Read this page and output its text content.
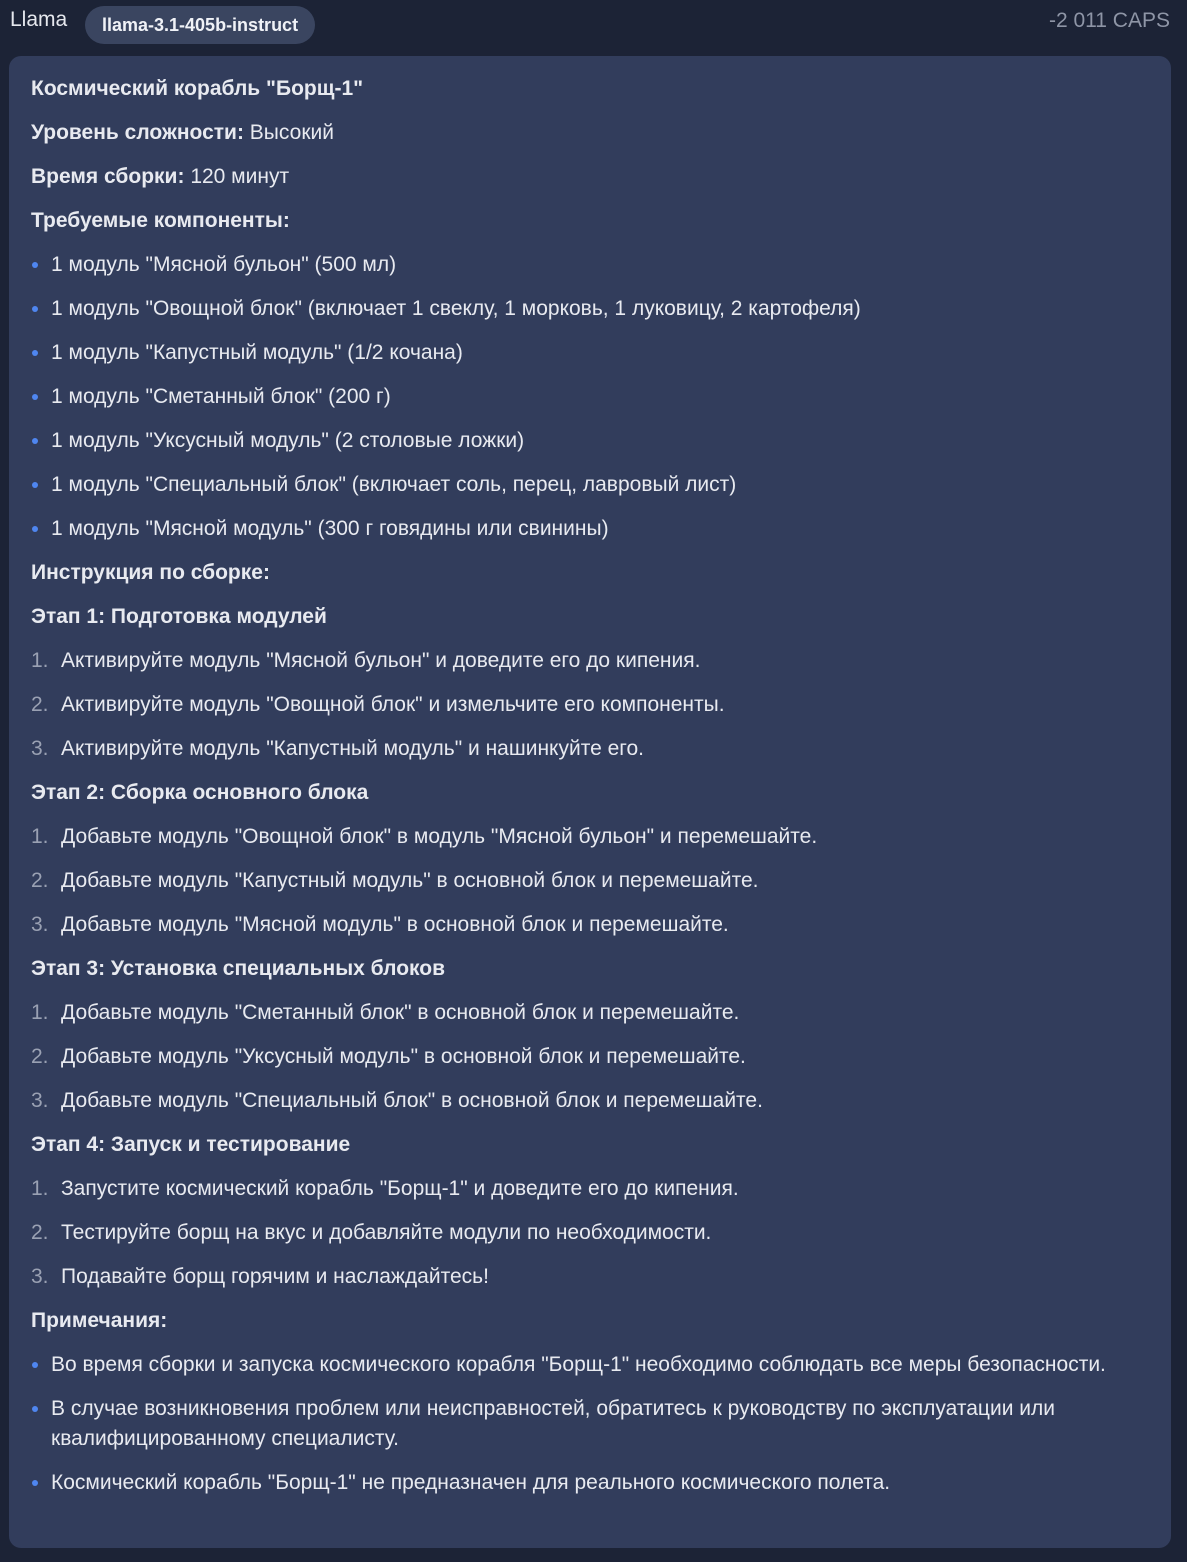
Llama	llama-3.1-405b-instruct	-2 011 CAPS
Космический корабль "Борщ-1"
Уровень сложности: Высокий
Время сборки: 120 минут
Требуемые компоненты:
1 модуль "Мясной бульон" (500 мл)
1 модуль "Овощной блок" (включает 1 свеклу, 1 морковь, 1 луковицу, 2 картофеля)
1 модуль "Капустный модуль" (1/2 кочана)
1 модуль "Сметанный блок" (200 г)
1 модуль "Уксусный модуль" (2 столовые ложки)
1 модуль "Специальный блок" (включает соль, перец, лавровый лист)
1 модуль "Мясной модуль" (300 г говядины или свинины)
Инструкция по сборке:
Этап 1: Подготовка модулей
1. Активируйте модуль "Мясной бульон" и доведите его до кипения.
2. Активируйте модуль "Овощной блок" и измельчите его компоненты.
3. Активируйте модуль "Капустный модуль" и нашинкуйте его.
Этап 2: Сборка основного блока
1. Добавьте модуль "Овощной блок" в модуль "Мясной бульон" и перемешайте.
2. Добавьте модуль "Капустный модуль" в основной блок и перемешайте.
3. Добавьте модуль "Мясной модуль" в основной блок и перемешайте.
Этап 3: Установка специальных блоков
1. Добавьте модуль "Сметанный блок" в основной блок и перемешайте.
2. Добавьте модуль "Уксусный модуль" в основной блок и перемешайте.
3. Добавьте модуль "Специальный блок" в основной блок и перемешайте.
Этап 4: Запуск и тестирование
1. Запустите космический корабль "Борщ-1" и доведите его до кипения.
2. Тестируйте борщ на вкус и добавляйте модули по необходимости.
3. Подавайте борщ горячим и наслаждайтесь!
Примечания:
Во время сборки и запуска космического корабля "Борщ-1" необходимо соблюдать все меры безопасности.
В случае возникновения проблем или неисправностей, обратитесь к руководству по эксплуатации или квалифицированному специалисту.
Космический корабль "Борщ-1" не предназначен для реального космического полета.
